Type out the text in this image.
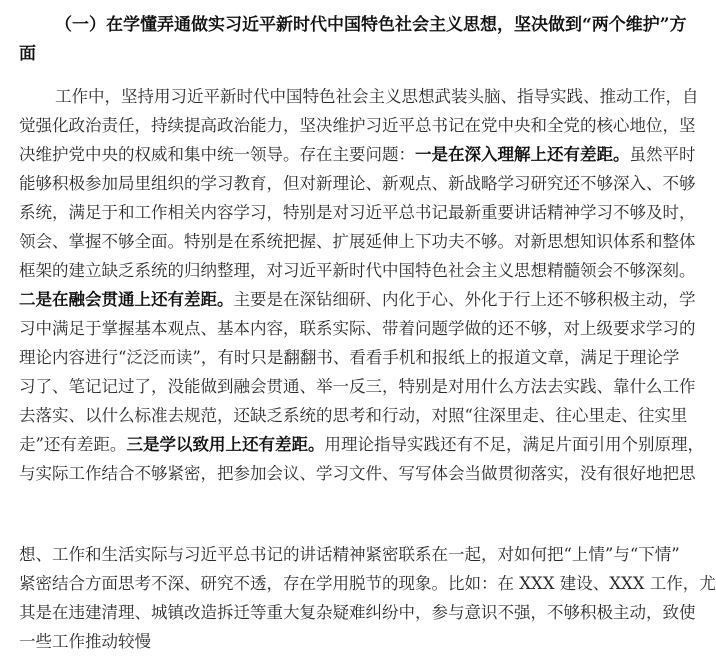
（一）在学懂弄通做实习近平新时代中国特色社会主义思想，坚决做到“两个维护”方
面
工作中，坚持用习近平新时代中国特色社会主义思想武装头脑、指导实践、推动工作，自
觉强化政治责任，持续提高政治能力，坚决维护习近平总书记在党中央和全党的核心地位，坚
决维护党中央的权威和集中统一领导。存在主要问题：一是在深入理解上还有差距。虽然平时
能够积极参加局里组织的学习教育，但对新理论、新观点、新战略学习研究还不够深入、不够
系统，满足于和工作相关内容学习，特别是对习近平总书记最新重要讲话精神学习不够及时，
领会、掌握不够全面。特别是在系统把握、扩展延伸上下功夫不够。对新思想知识体系和整体
框架的建立缺乏系统的归纳整理，对习近平新时代中国特色社会主义思想精髓领会不够深刻。
二是在融会贯通上还有差距。主要是在深钻细研、内化于心、外化于行上还不够积极主动，学
习中满足于掌握基本观点、基本内容，联系实际、带着问题学做的还不够，对上级要求学习的
理论内容进行“泛泛而读”，有时只是翻翻书、看看手机和报纸上的报道文章，满足于理论学
习了、笔记记过了，没能做到融会贯通、举一反三，特别是对用什么方法去实践、靠什么工作
去落实、以什么标准去规范，还缺乏系统的思考和行动，对照“往深里走、往心里走、往实里
走”还有差距。三是学以致用上还有差距。用理论指导实践还有不足，满足片面引用个别原理，
与实际工作结合不够紧密，把参加会议、学习文件、写写体会当做贯彻落实，没有很好地把思
想、工作和生活实际与习近平总书记的讲话精神紧密联系在一起，对如何把“上情”与“下情”
紧密结合方面思考不深、研究不透，存在学用脱节的现象。比如：在 XXX 建设、XXX 工作，尤
其是在违建清理、城镇改造拆迁等重大复杂疑难纠纷中，参与意识不强，不够积极主动，致使
一些工作推动较慢
